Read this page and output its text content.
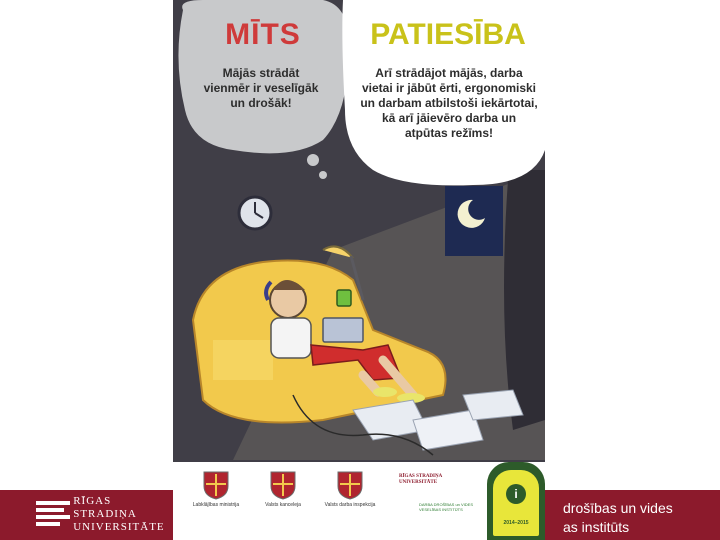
RĪGAS STRADIŅA
UNIVERSITĀTE
drošības un vides
as institūts
MĪTS
Mājās strādāt vienmēr ir veselīgāk un drošāk!
PATIESĪBA
Arī strādājot mājās, darba vietai ir jābūt ērti, ergonomiski un darbam atbilstoši iekārtotai, kā arī jāievēro darba un atpūtas režīms!
Labklājības ministrija	Valsts kanceleja	Valsts darba inspekcija
RĪGAS STRADIŅA UNIVERSITĀTE
DARBA DROŠĪBAS un VIDES VESELĪBAS INSTITŪTS
i
2014–2015
